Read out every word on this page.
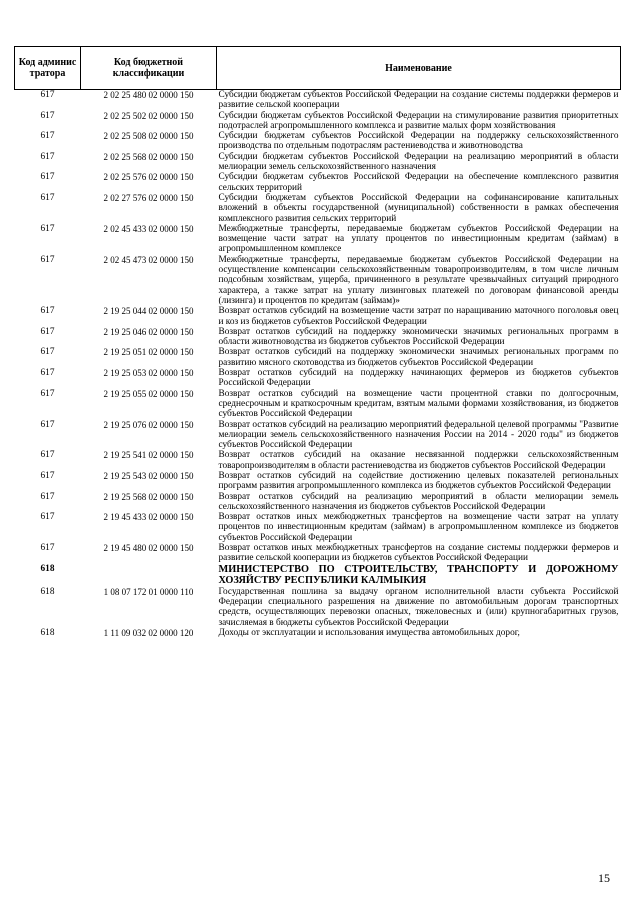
Код админис тратора	Код бюджетной классификации	Наименование
617	2 02 25 480 02 0000 150	Субсидии бюджетам субъектов Российской Федерации на создание системы поддержки фермеров и развитие сельской кооперации
617	2 02 25 502 02 0000 150	Субсидии бюджетам субъектов Российской Федерации на стимулирование развития приоритетных подотраслей агропромышленного комплекса и развитие малых форм хозяйствования
617	2 02 25 508 02 0000 150	Субсидии бюджетам субъектов Российской Федерации на поддержку сельскохозяйственного производства по отдельным подотраслям растениеводства и животноводства
617	2 02 25 568 02 0000 150	Субсидии бюджетам субъектов Российской Федерации на реализацию мероприятий в области мелиорации земель сельскохозяйственного назначения
617	2 02 25 576 02 0000 150	Субсидии бюджетам субъектов Российской Федерации на обеспечение комплексного развития сельских территорий
617	2 02 27 576 02 0000 150	Субсидии бюджетам субъектов Российской Федерации на софинансирование капитальных вложений в объекты государственной (муниципальной) собственности в рамках обеспечения комплексного развития сельских территорий
617	2 02 45 433 02 0000 150	Межбюджетные трансферты, передаваемые бюджетам субъектов Российской Федерации на возмещение части затрат на уплату процентов по инвестиционным кредитам (займам) в агропромышленном комплексе
617	2 02 45 473 02 0000 150	Межбюджетные трансферты, передаваемые бюджетам субъектов Российской Федерации на осуществление компенсации сельскохозяйственным товаропроизводителям, в том числе личным подсобным хозяйствам, ущерба, причиненного в результате чрезвычайных ситуаций природного характера, а также затрат на уплату лизинговых платежей по договорам финансовой аренды (лизинга) и процентов по кредитам (займам)»
617	2 19 25 044 02 0000 150	Возврат остатков субсидий на возмещение части затрат по наращиванию маточного поголовья овец и коз из бюджетов субъектов Российской Федерации
617	2 19 25 046 02 0000 150	Возврат остатков субсидий на поддержку экономически значимых региональных программ в области животноводства из бюджетов субъектов Российской Федерации
617	2 19 25 051 02 0000 150	Возврат остатков субсидий на поддержку экономически значимых региональных программ по развитию мясного скотоводства из бюджетов субъектов Российской Федерации
617	2 19 25 053 02 0000 150	Возврат остатков субсидий на поддержку начинающих фермеров из бюджетов субъектов Российской Федерации
617	2 19 25 055 02 0000 150	Возврат остатков субсидий на возмещение части процентной ставки по долгосрочным, среднесрочным и краткосрочным кредитам, взятым малыми формами хозяйствования, из бюджетов субъектов Российской Федерации
617	2 19 25 076 02 0000 150	Возврат остатков субсидий на реализацию мероприятий федеральной целевой программы "Развитие мелиорации земель сельскохозяйственного назначения России на 2014 - 2020 годы" из бюджетов субъектов Российской Федерации
617	2 19 25 541 02 0000 150	Возврат остатков субсидий на оказание несвязанной поддержки сельскохозяйственным товаропроизводителям в области растениеводства из бюджетов субъектов Российской Федерации
617	2 19 25 543 02 0000 150	Возврат остатков субсидий на содействие достижению целевых показателей региональных программ развития агропромышленного комплекса из бюджетов субъектов Российской Федерации
617	2 19 25 568 02 0000 150	Возврат остатков субсидий на реализацию мероприятий в области мелиорации земель сельскохозяйственного назначения из бюджетов субъектов Российской Федерации
617	2 19 45 433 02 0000 150	Возврат остатков иных межбюджетных трансфертов на возмещение части затрат на уплату процентов по инвестиционным кредитам (займам) в агропромышленном комплексе из бюджетов субъектов Российской Федерации
617	2 19 45 480 02 0000 150	Возврат остатков иных межбюджетных трансфертов на создание системы поддержки фермеров и развитие сельской кооперации из бюджетов субъектов Российской Федерации
618		МИНИСТЕРСТВО ПО СТРОИТЕЛЬСТВУ, ТРАНСПОРТУ И ДОРОЖНОМУ ХОЗЯЙСТВУ РЕСПУБЛИКИ КАЛМЫКИЯ
618	1 08 07 172 01 0000 110	Государственная пошлина за выдачу органом исполнительной власти субъекта Российской Федерации специального разрешения на движение по автомобильным дорогам транспортных средств, осуществляющих перевозки опасных, тяжеловесных и (или) крупногабаритных грузов, зачисляемая в бюджеты субъектов Российской Федерации
618	1 11 09 032 02 0000 120	Доходы от эксплуатации и использования имущества автомобильных дорог,
15
